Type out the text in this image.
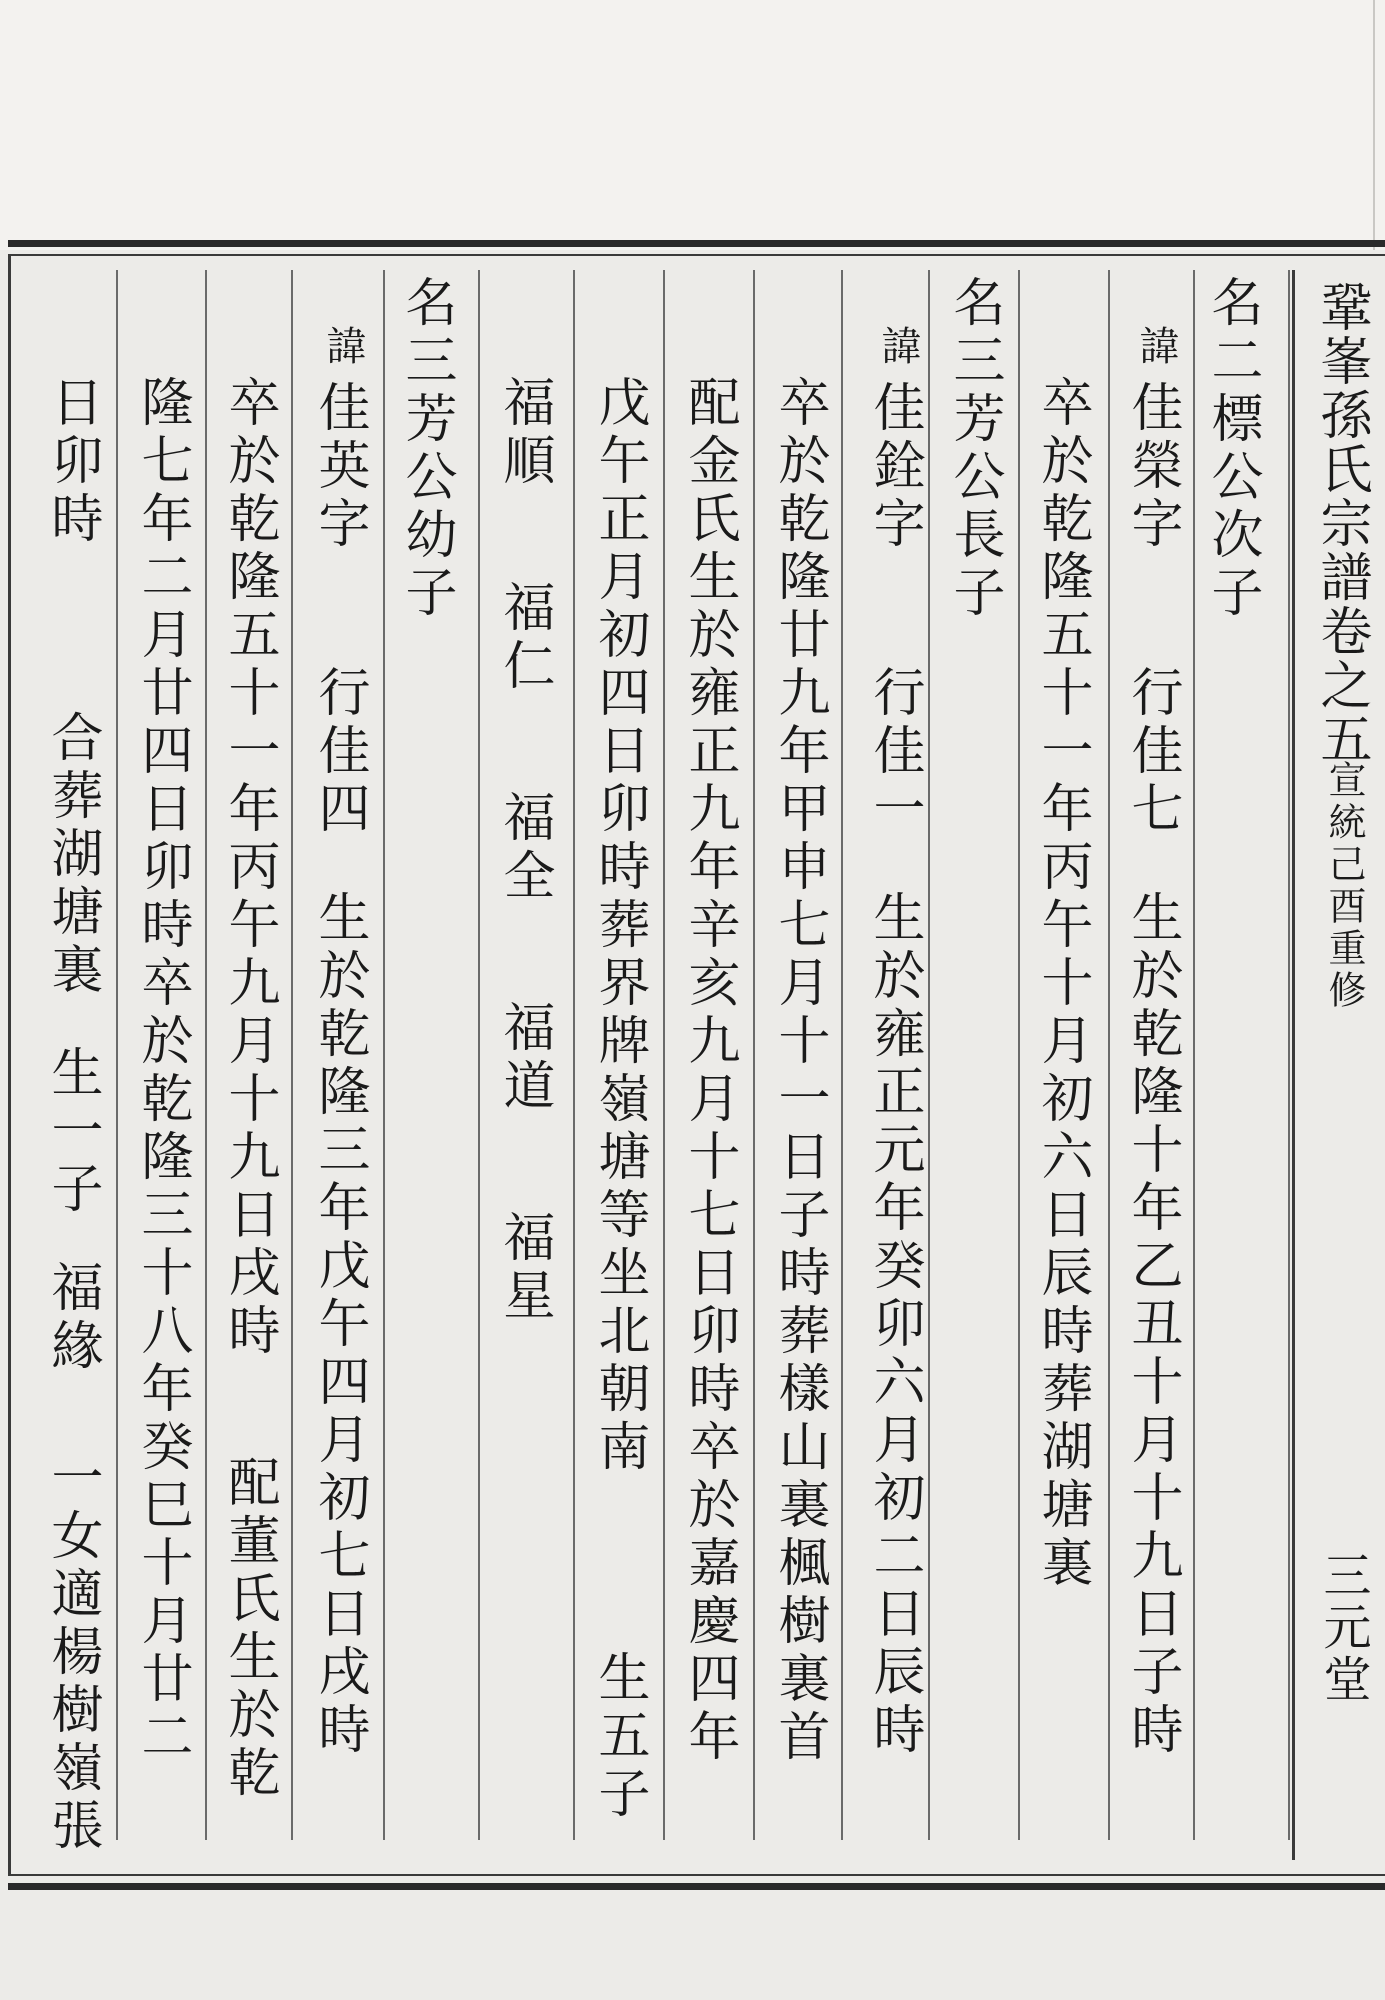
鞏峯孫氏宗譜卷之五
宣統己酉重修
三元堂
名二標公次子
諱
佳榮字
行佳七
生於乾隆十年乙丑十月十九日子時
卒於乾隆五十一年丙午十月初六日辰時葬湖塘裏
名三芳公長子
諱
佳銓字
行佳一
生於雍正元年癸卯六月初二日辰時
卒於乾隆廿九年甲申七月十一日子時葬樣山裏楓樹裏首
配金氏生於雍正九年辛亥九月十七日卯時卒於嘉慶四年
戊午正月初四日卯時葬界牌嶺塘等坐北朝南
生五子
福順
福仁
福全
福道
福星
名三芳公幼子
諱
佳英字
行佳四
生於乾隆三年戊午四月初七日戌時
卒於乾隆五十一年丙午九月十九日戌時
配董氏生於乾
隆七年二月廿四日卯時卒於乾隆三十八年癸巳十月廿二
日卯時
合葬湖塘裏
生一子
福緣
一女適楊樹嶺張
